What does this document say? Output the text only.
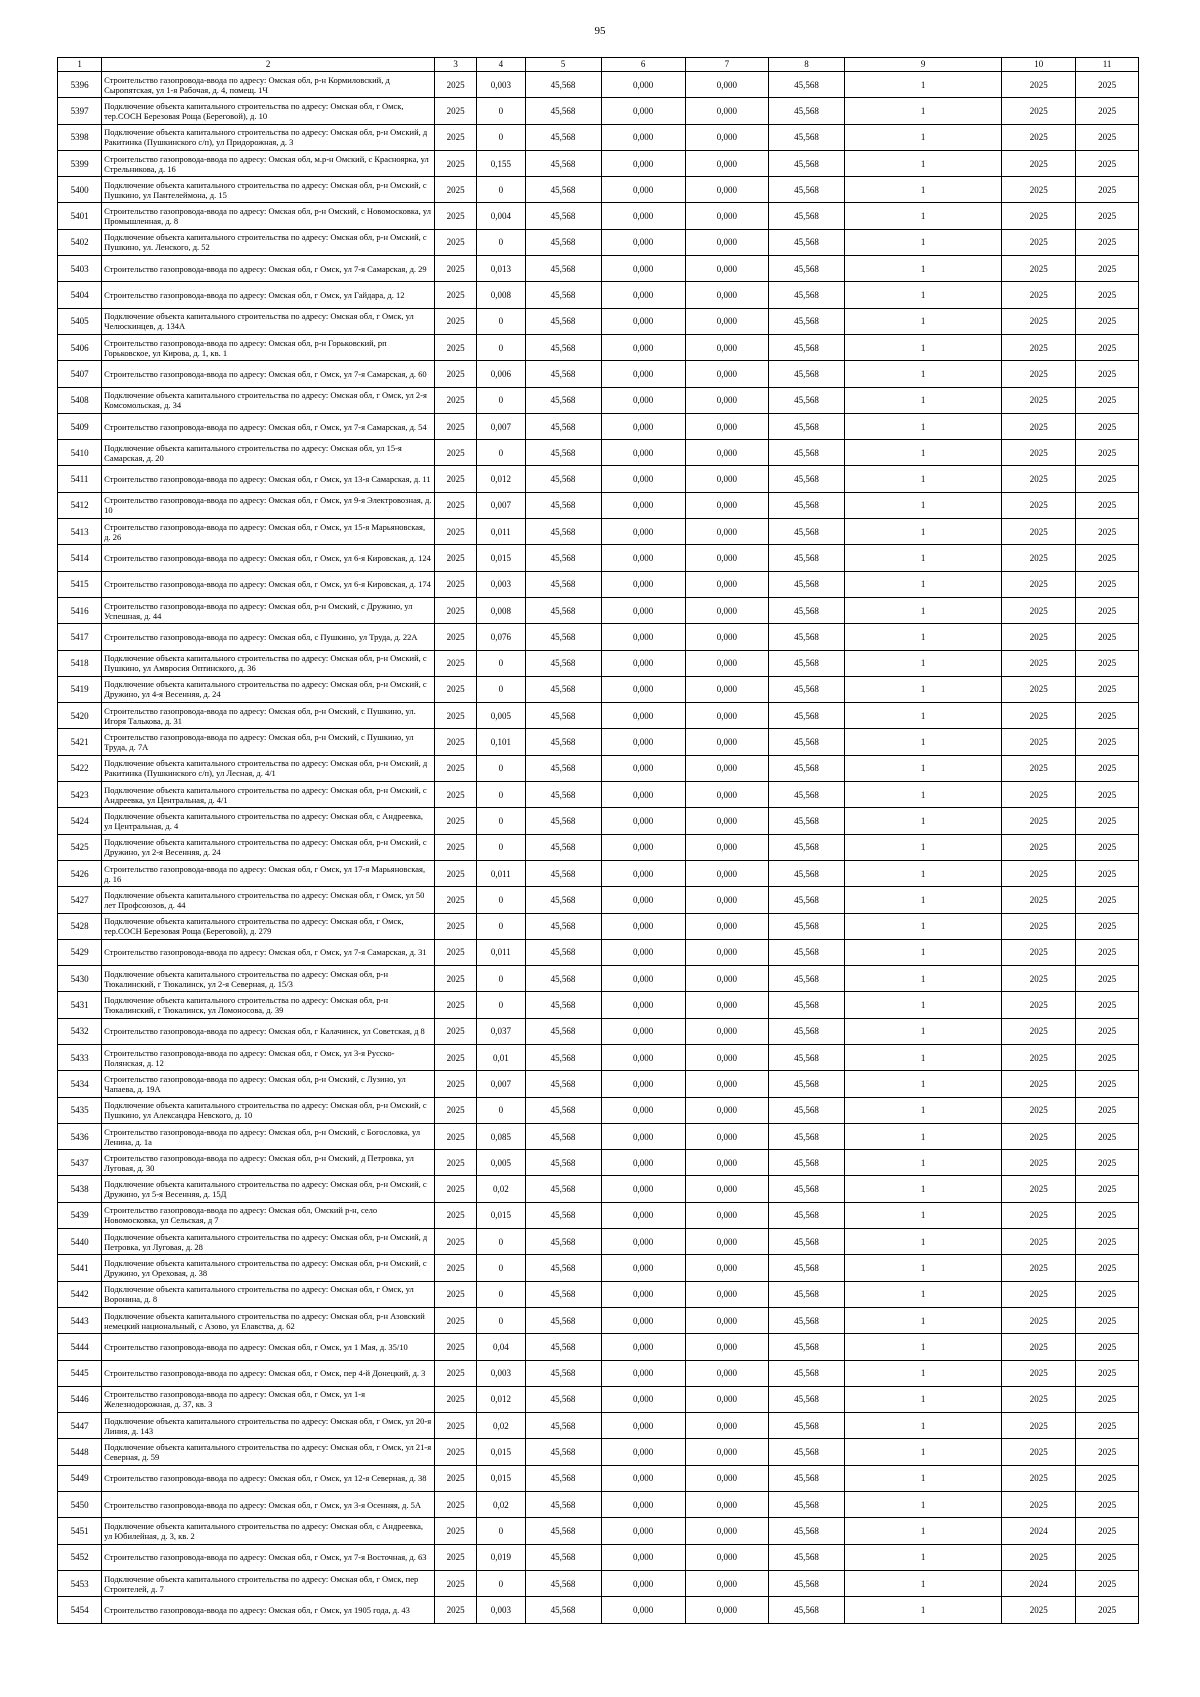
95
1	2	3	4	5	6	7	8	9	10	11
5396	Строительство газопровода-ввода по адресу: Омская обл, р-н Кормиловский, д Сыропятская, ул 1-я Рабочая, д. 4, помещ. 1Ч	2025	0,003	45,568	0,000	0,000	45,568	1	2025	2025
5397	Подключение объекта капитального строительства по адресу: Омская обл, г Омск, тер.СОСН Березовая Роща (Береговой), д. 10	2025	0	45,568	0,000	0,000	45,568	1	2025	2025
5398	Подключение объекта капитального строительства по адресу: Омская обл, р-н Омский, д Ракитинка (Пушкинского с/п), ул Придорожная, д. 3	2025	0	45,568	0,000	0,000	45,568	1	2025	2025
5399	Строительство газопровода-ввода по адресу: Омская обл, м.р-н Омский, с Красноярка, ул Стрельникова, д. 16	2025	0,155	45,568	0,000	0,000	45,568	1	2025	2025
5400	Подключение объекта капитального строительства по адресу: Омская обл, р-н Омский, с Пушкино, ул Пантелеймона, д. 15	2025	0	45,568	0,000	0,000	45,568	1	2025	2025
5401	Строительство газопровода-ввода по адресу: Омская обл, р-н Омский, с Новомосковка, ул Промышленная, д. 8	2025	0,004	45,568	0,000	0,000	45,568	1	2025	2025
5402	Подключение объекта капитального строительства по адресу: Омская обл, р-н Омский, с Пушкино, ул. Ленского, д. 52	2025	0	45,568	0,000	0,000	45,568	1	2025	2025
5403	Строительство газопровода-ввода по адресу: Омская обл, г Омск, ул 7-я Самарская, д. 29	2025	0,013	45,568	0,000	0,000	45,568	1	2025	2025
5404	Строительство газопровода-ввода по адресу: Омская обл, г Омск, ул Гайдара, д. 12	2025	0,008	45,568	0,000	0,000	45,568	1	2025	2025
5405	Подключение объекта капитального строительства по адресу: Омская обл, г Омск, ул Челюскинцев, д. 134А	2025	0	45,568	0,000	0,000	45,568	1	2025	2025
5406	Строительство газопровода-ввода по адресу: Омская обл, р-н Горьковский, рп Горьковское, ул Кирова, д. 1, кв. 1	2025	0	45,568	0,000	0,000	45,568	1	2025	2025
5407	Строительство газопровода-ввода по адресу: Омская обл, г Омск, ул 7-я Самарская, д. 60	2025	0,006	45,568	0,000	0,000	45,568	1	2025	2025
5408	Подключение объекта капитального строительства по адресу: Омская обл, г Омск, ул 2-я Комсомольская, д. 34	2025	0	45,568	0,000	0,000	45,568	1	2025	2025
5409	Строительство газопровода-ввода по адресу: Омская обл, г Омск, ул 7-я Самарская, д. 54	2025	0,007	45,568	0,000	0,000	45,568	1	2025	2025
5410	Подключение объекта капитального строительства по адресу: Омская обл, ул 15-я Самарская, д. 20	2025	0	45,568	0,000	0,000	45,568	1	2025	2025
5411	Строительство газопровода-ввода по адресу: Омская обл, г Омск, ул 13-я Самарская, д. 11	2025	0,012	45,568	0,000	0,000	45,568	1	2025	2025
5412	Строительство газопровода-ввода по адресу: Омская обл, г Омск, ул 9-я Электровозная, д. 10	2025	0,007	45,568	0,000	0,000	45,568	1	2025	2025
5413	Строительство газопровода-ввода по адресу: Омская обл, г Омск, ул 15-я Марьяновская, д. 26	2025	0,011	45,568	0,000	0,000	45,568	1	2025	2025
5414	Строительство газопровода-ввода по адресу: Омская обл, г Омск, ул 6-я Кировская, д. 124	2025	0,015	45,568	0,000	0,000	45,568	1	2025	2025
5415	Строительство газопровода-ввода по адресу: Омская обл, г Омск, ул 6-я Кировская, д. 174	2025	0,003	45,568	0,000	0,000	45,568	1	2025	2025
5416	Строительство газопровода-ввода по адресу: Омская обл, р-н Омский, с Дружино, ул Успешная, д. 44	2025	0,008	45,568	0,000	0,000	45,568	1	2025	2025
5417	Строительство газопровода-ввода по адресу: Омская обл, с Пушкино, ул Труда, д. 22А	2025	0,076	45,568	0,000	0,000	45,568	1	2025	2025
5418	Подключение объекта капитального строительства по адресу: Омская обл, р-н Омский, с Пушкино, ул Амвросия Оптинского, д. 36	2025	0	45,568	0,000	0,000	45,568	1	2025	2025
5419	Подключение объекта капитального строительства по адресу: Омская обл, р-н Омский, с Дружино, ул 4-я Весенняя, д. 24	2025	0	45,568	0,000	0,000	45,568	1	2025	2025
5420	Строительство газопровода-ввода по адресу: Омская обл, р-н Омский, с Пушкино, ул. Игоря Талькова, д. 31	2025	0,005	45,568	0,000	0,000	45,568	1	2025	2025
5421	Строительство газопровода-ввода по адресу: Омская обл, р-н Омский, с Пушкино, ул Труда, д. 7А	2025	0,101	45,568	0,000	0,000	45,568	1	2025	2025
5422	Подключение объекта капитального строительства по адресу: Омская обл, р-н Омский, д Ракитинка (Пушкинского с/п), ул Лесная, д. 4/1	2025	0	45,568	0,000	0,000	45,568	1	2025	2025
5423	Подключение объекта капитального строительства по адресу: Омская обл, р-н Омский, с Андреевка, ул Центральная, д. 4/1	2025	0	45,568	0,000	0,000	45,568	1	2025	2025
5424	Подключение объекта капитального строительства по адресу: Омская обл, с Андреевка, ул Центральная, д. 4	2025	0	45,568	0,000	0,000	45,568	1	2025	2025
5425	Подключение объекта капитального строительства по адресу: Омская обл, р-н Омский, с Дружино, ул 2-я Весенняя, д. 24	2025	0	45,568	0,000	0,000	45,568	1	2025	2025
5426	Строительство газопровода-ввода по адресу: Омская обл, г Омск, ул 17-я Марьяновская, д. 16	2025	0,011	45,568	0,000	0,000	45,568	1	2025	2025
5427	Подключение объекта капитального строительства по адресу: Омская обл, г Омск, ул 50 лет Профсоюзов, д. 44	2025	0	45,568	0,000	0,000	45,568	1	2025	2025
5428	Подключение объекта капитального строительства по адресу: Омская обл, г Омск, тер.СОСН Березовая Роща (Береговой), д. 279	2025	0	45,568	0,000	0,000	45,568	1	2025	2025
5429	Строительство газопровода-ввода по адресу: Омская обл, г Омск, ул 7-я Самарская, д. 31	2025	0,011	45,568	0,000	0,000	45,568	1	2025	2025
5430	Подключение объекта капитального строительства по адресу: Омская обл, р-н Тюкалинский, г Тюкалинск, ул 2-я Северная, д. 15/3	2025	0	45,568	0,000	0,000	45,568	1	2025	2025
5431	Подключение объекта капитального строительства по адресу: Омская обл, р-н Тюкалинский, г Тюкалинск, ул Ломоносова, д. 39	2025	0	45,568	0,000	0,000	45,568	1	2025	2025
5432	Строительство газопровода-ввода по адресу: Омская обл, г Калачинск, ул Советская, д 8	2025	0,037	45,568	0,000	0,000	45,568	1	2025	2025
5433	Строительство газопровода-ввода по адресу: Омская обл, г Омск, ул 3-я Русско-Полянская, д. 12	2025	0,01	45,568	0,000	0,000	45,568	1	2025	2025
5434	Строительство газопровода-ввода по адресу: Омская обл, р-н Омский, с Лузино, ул Чапаева, д. 19А	2025	0,007	45,568	0,000	0,000	45,568	1	2025	2025
5435	Подключение объекта капитального строительства по адресу: Омская обл, р-н Омский, с Пушкино, ул Александра Невского, д. 10	2025	0	45,568	0,000	0,000	45,568	1	2025	2025
5436	Строительство газопровода-ввода по адресу: Омская обл, р-н Омский, с Богословка, ул Ленина, д. 1а	2025	0,085	45,568	0,000	0,000	45,568	1	2025	2025
5437	Строительство газопровода-ввода по адресу: Омская обл, р-н Омский, д Петровка, ул Луговая, д. 30	2025	0,005	45,568	0,000	0,000	45,568	1	2025	2025
5438	Подключение объекта капитального строительства по адресу: Омская обл, р-н Омский, с Дружино, ул 5-я Весенняя, д. 15Д	2025	0,02	45,568	0,000	0,000	45,568	1	2025	2025
5439	Строительство газопровода-ввода по адресу: Омская обл, Омский р-н, село Новомосковка, ул Сельская, д 7	2025	0,015	45,568	0,000	0,000	45,568	1	2025	2025
5440	Подключение объекта капитального строительства по адресу: Омская обл, р-н Омский, д Петровка, ул Луговая, д. 28	2025	0	45,568	0,000	0,000	45,568	1	2025	2025
5441	Подключение объекта капитального строительства по адресу: Омская обл, р-н Омский, с Дружино, ул Ореховая, д. 38	2025	0	45,568	0,000	0,000	45,568	1	2025	2025
5442	Подключение объекта капитального строительства по адресу: Омская обл, г Омск, ул Воронина, д. 8	2025	0	45,568	0,000	0,000	45,568	1	2025	2025
5443	Подключение объекта капитального строительства по адресу: Омская обл, р-н Азовский немецкий национальный, с Азово, ул Елавства, д. 62	2025	0	45,568	0,000	0,000	45,568	1	2025	2025
5444	Строительство газопровода-ввода по адресу: Омская обл, г Омск, ул 1 Мая, д. 35/10	2025	0,04	45,568	0,000	0,000	45,568	1	2025	2025
5445	Строительство газопровода-ввода по адресу: Омская обл, г Омск, пер 4-й Донецкий, д. 3	2025	0,003	45,568	0,000	0,000	45,568	1	2025	2025
5446	Строительство газопровода-ввода по адресу: Омская обл, г Омск, ул 1-я Железнодорожная, д. 37, кв. 3	2025	0,012	45,568	0,000	0,000	45,568	1	2025	2025
5447	Подключение объекта капитального строительства по адресу: Омская обл, г Омск, ул 20-я Линия, д. 143	2025	0,02	45,568	0,000	0,000	45,568	1	2025	2025
5448	Подключение объекта капитального строительства по адресу: Омская обл, г Омск, ул 21-я Северная, д. 59	2025	0,015	45,568	0,000	0,000	45,568	1	2025	2025
5449	Строительство газопровода-ввода по адресу: Омская обл, г Омск, ул 12-я Северная, д. 38	2025	0,015	45,568	0,000	0,000	45,568	1	2025	2025
5450	Строительство газопровода-ввода по адресу: Омская обл, г Омск, ул 3-я Осенняя, д. 5А	2025	0,02	45,568	0,000	0,000	45,568	1	2025	2025
5451	Подключение объекта капитального строительства по адресу: Омская обл, с Андреевка, ул Юбилейная, д. 3, кв. 2	2025	0	45,568	0,000	0,000	45,568	1	2024	2025
5452	Строительство газопровода-ввода по адресу: Омская обл, г Омск, ул 7-я Восточная, д. 63	2025	0,019	45,568	0,000	0,000	45,568	1	2025	2025
5453	Подключение объекта капитального строительства по адресу: Омская обл, г Омск, пер Строителей, д. 7	2025	0	45,568	0,000	0,000	45,568	1	2024	2025
5454	Строительство газопровода-ввода по адресу: Омская обл, г Омск, ул 1905 года, д. 43	2025	0,003	45,568	0,000	0,000	45,568	1	2025	2025
